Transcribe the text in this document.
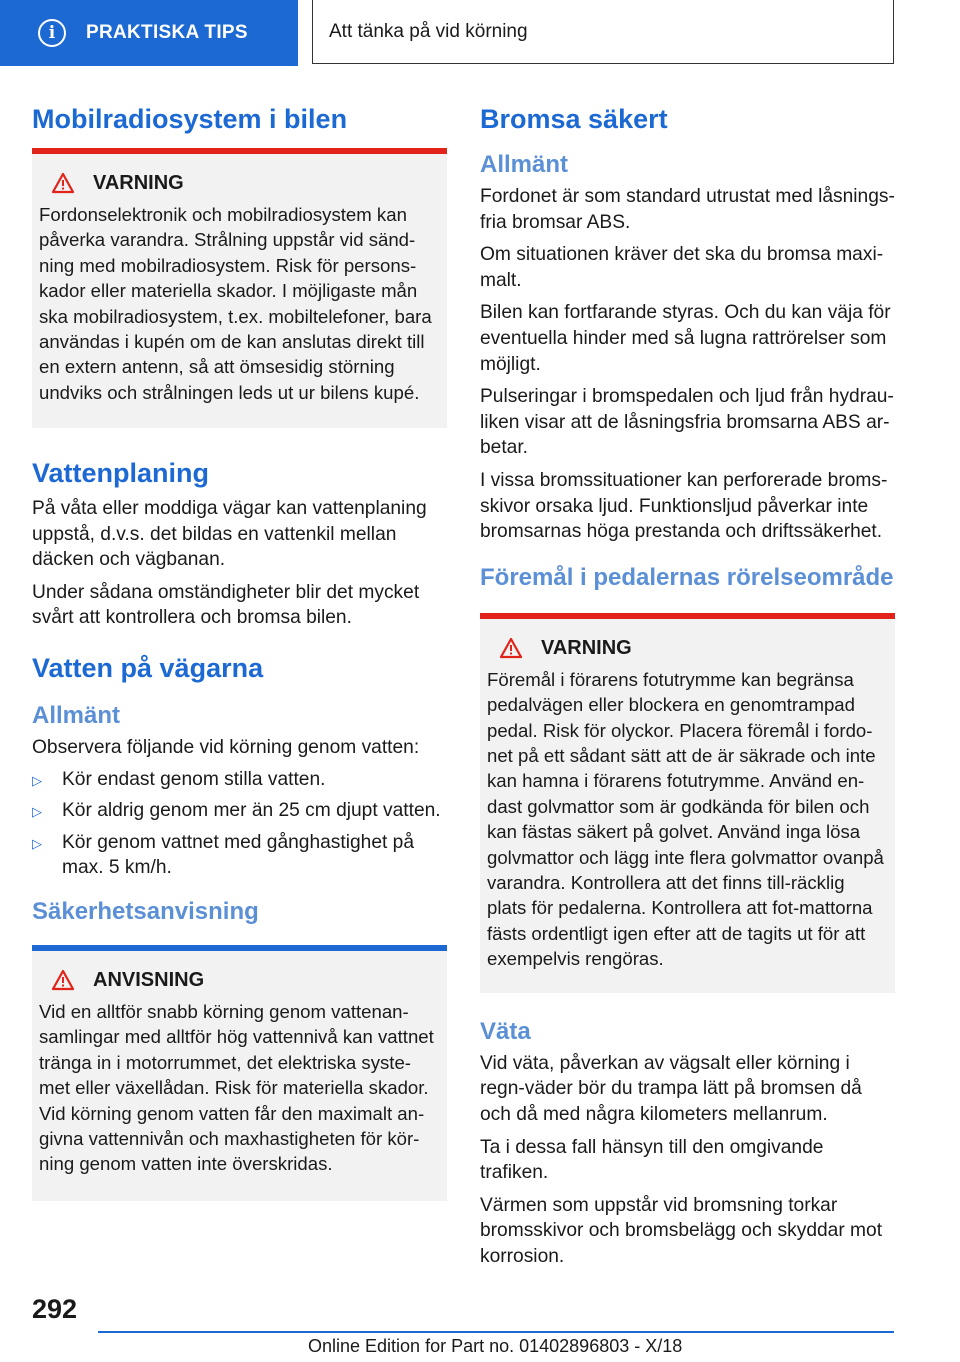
i	PRAKTISKA TIPS	Att tänka på vid körning
Mobilradiosystem i bilen
VARNING

Fordonselektronik och mobilradiosystem kan påverka varandra. Strålning uppstår vid sänd-ning med mobilradiosystem. Risk för persons-kador eller materiella skador. I möjligaste mån ska mobilradiosystem, t.ex. mobiltelefoner, bara användas i kupén om de kan anslutas direkt till en extern antenn, så att ömsesidig störning undviks och strålningen leds ut ur bilens kupé.

Vattenplaning

På våta eller moddiga vägar kan vattenplaning uppstå, d.v.s. det bildas en vattenkil mellan däcken och vägbanan.

Under sådana omständigheter blir det mycket svårt att kontrollera och bromsa bilen.

Vatten på vägarna
Allmänt

Observera följande vid körning genom vatten:

▷ Kör endast genom stilla vatten.
▷ Kör aldrig genom mer än 25 cm djupt vatten.
▷ Kör genom vattnet med gånghastighet på max. 5 km/h.
Säkerhetsanvisning
ANVISNING

Vid en alltför snabb körning genom vattenan-samlingar med alltför hög vattennivå kan vattnet tränga in i motorrummet, det elektriska syste-met eller växellådan. Risk för materiella skador. Vid körning genom vatten får den maximalt an-givna vattennivån och maxhastigheten för kör-ning genom vatten inte överskridas.

Bromsa säkert
Allmänt

Fordonet är som standard utrustat med låsnings-fria bromsar ABS.

Om situationen kräver det ska du bromsa maxi-malt.

Bilen kan fortfarande styras. Och du kan väja för eventuella hinder med så lugna rattrörelser som möjligt.

Pulseringar i bromspedalen och ljud från hydrau-liken visar att de låsningsfria bromsarna ABS ar-betar.

I vissa bromssituationer kan perforerade broms-skivor orsaka ljud. Funktionsljud påverkar inte bromsarnas höga prestanda och driftssäkerhet.

Föremål i pedalernas rörelseområde
VARNING

Föremål i förarens fotutrymme kan begränsa pedalvägen eller blockera en genomtrampad pedal. Risk för olyckor. Placera föremål i fordo-net på ett sådant sätt att de är säkrade och inte kan hamna i förarens fotutrymme. Använd en-dast golvmattor som är godkända för bilen och kan fästas säkert på golvet. Använd inga lösa golvmattor och lägg inte flera golvmattor ovanpå varandra. Kontrollera att det finns till-räcklig plats för pedalerna. Kontrollera att fot-mattorna fästs ordentligt igen efter att de tagits ut för att exempelvis rengöras.

Väta

Vid väta, påverkan av vägsalt eller körning i regn-väder bör du trampa lätt på bromsen då och då med några kilometers mellanrum.

Ta i dessa fall hänsyn till den omgivande trafiken.

Värmen som uppstår vid bromsning torkar bromsskivor och bromsbelägg och skyddar mot korrosion.

292
Online Edition for Part no. 01402896803 - X/18
